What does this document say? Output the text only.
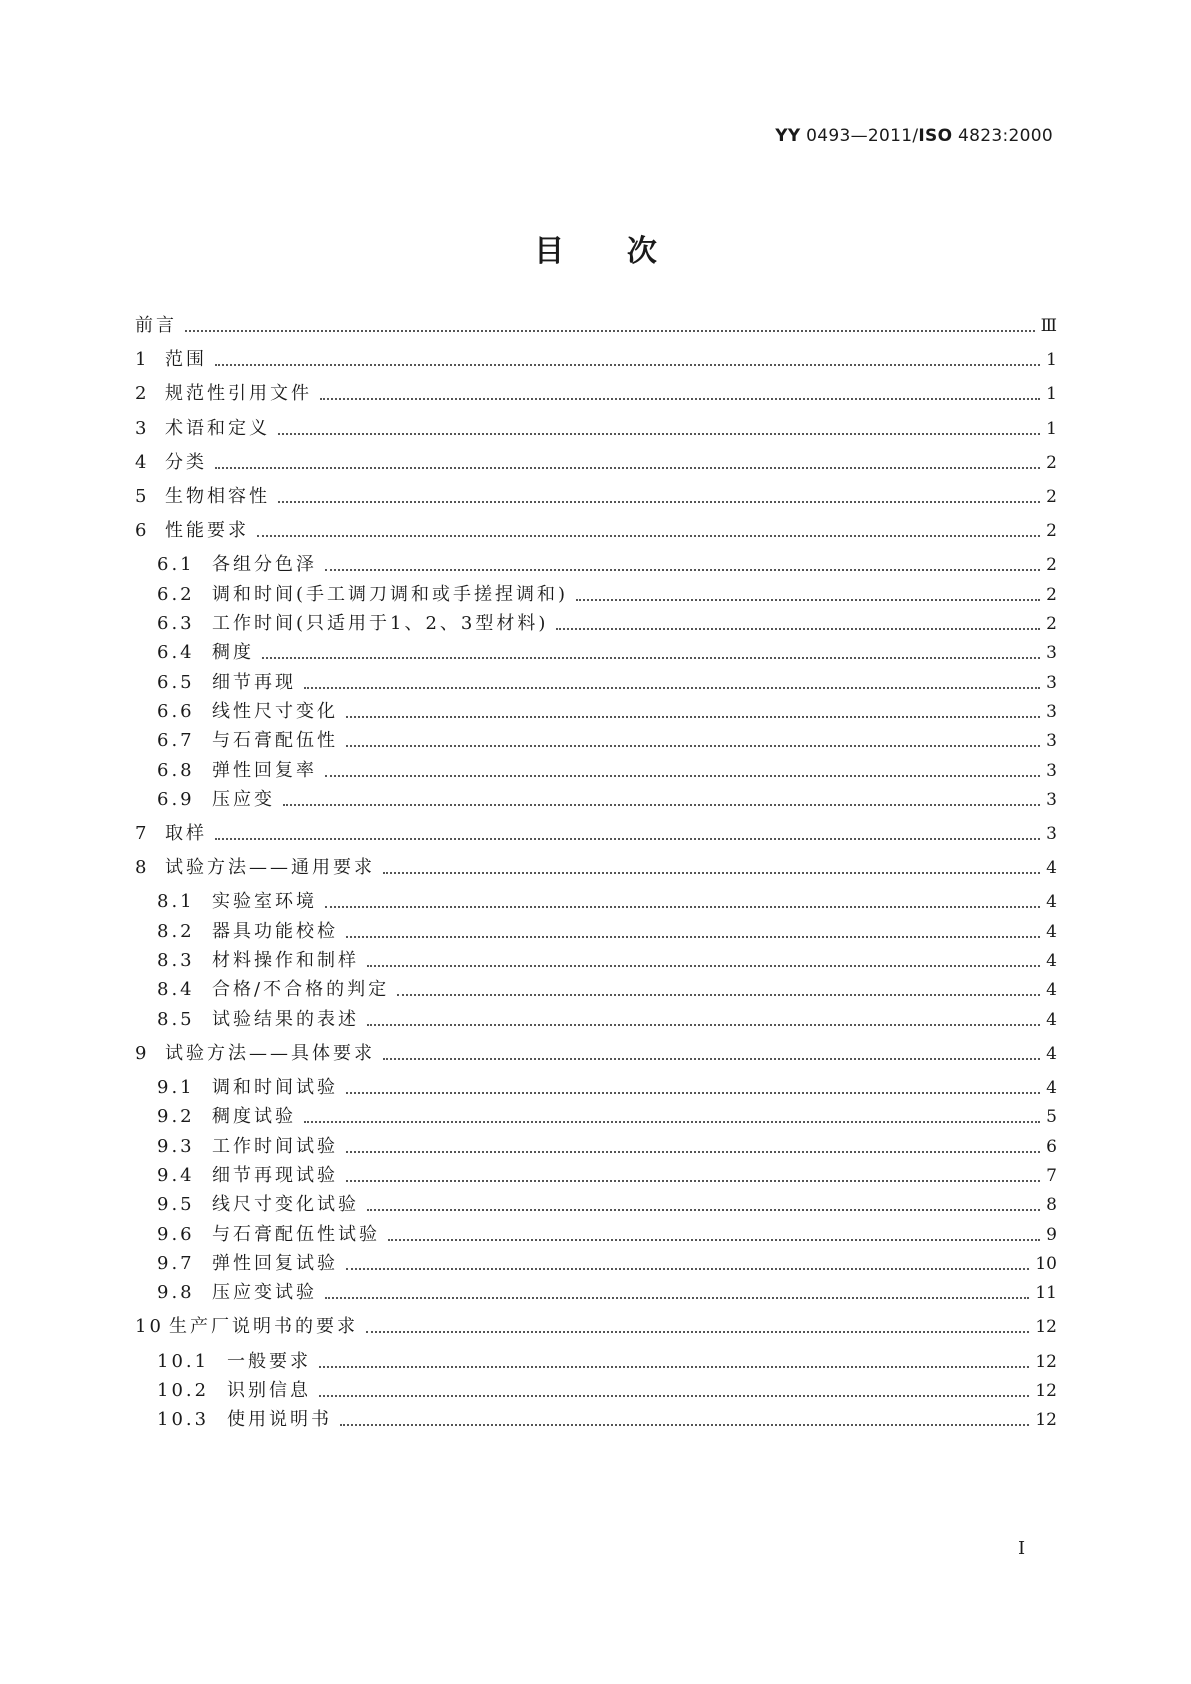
YY 0493—2011/ISO 4823:2000
目      次
前言	Ⅲ
1 范围	1
2 规范性引用文件	1
3 术语和定义	1
4 分类	2
5 生物相容性	2
6 性能要求	2
6.1 各组分色泽	2
6.2 调和时间(手工调刀调和或手搓捏调和)	2
6.3 工作时间(只适用于1、2、3型材料)	2
6.4 稠度	3
6.5 细节再现	3
6.6 线性尺寸变化	3
6.7 与石膏配伍性	3
6.8 弹性回复率	3
6.9 压应变	3
7 取样	3
8 试验方法——通用要求	4
8.1 实验室环境	4
8.2 器具功能校检	4
8.3 材料操作和制样	4
8.4 合格/不合格的判定	4
8.5 试验结果的表述	4
9 试验方法——具体要求	4
9.1 调和时间试验	4
9.2 稠度试验	5
9.3 工作时间试验	6
9.4 细节再现试验	7
9.5 线尺寸变化试验	8
9.6 与石膏配伍性试验	9
9.7 弹性回复试验	10
9.8 压应变试验	11
10 生产厂说明书的要求	12
10.1 一般要求	12
10.2 识别信息	12
10.3 使用说明书	12
I
